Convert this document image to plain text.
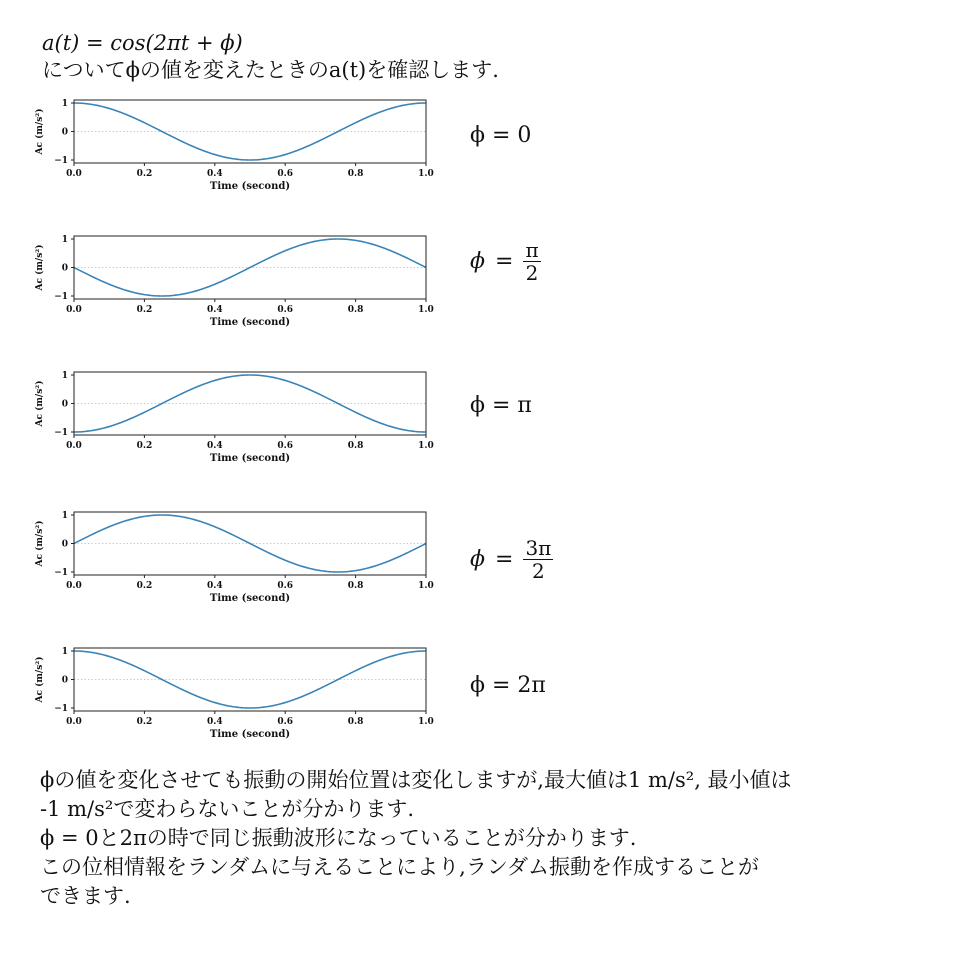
a(t) = cos(2πt + ϕ)
についてϕの値を変えたときのa(t)を確認します.
0.0	0.2	0.4	0.6	0.8	1.0
1
0
−1
Time (second)
Ac (m/s²)	ϕ = 0
0.0	0.2	0.4	0.6	0.8	1.0
1
0
−1
Time (second)
Ac (m/s²)	$\phi = \frac{\pi}{2}$
0.0	0.2	0.4	0.6	0.8	1.0
1
0
−1
Time (second)
Ac (m/s²)	ϕ = π
0.0	0.2	0.4	0.6	0.8	1.0
1
0
−1
Time (second)
Ac (m/s²)	$\phi = \frac{3\pi}{2}$
0.0	0.2	0.4	0.6	0.8	1.0
1
0
−1
Time (second)
Ac (m/s²)	ϕ = 2π

ϕの値を変化させても振動の開始位置は変化しますが,最大値は1 m/s², 最小値は

-1 m/s²で変わらないことが分かります.

ϕ = 0と2πの時で同じ振動波形になっていることが分かります.

この位相情報をランダムに与えることにより,ランダム振動を作成することが

できます.
